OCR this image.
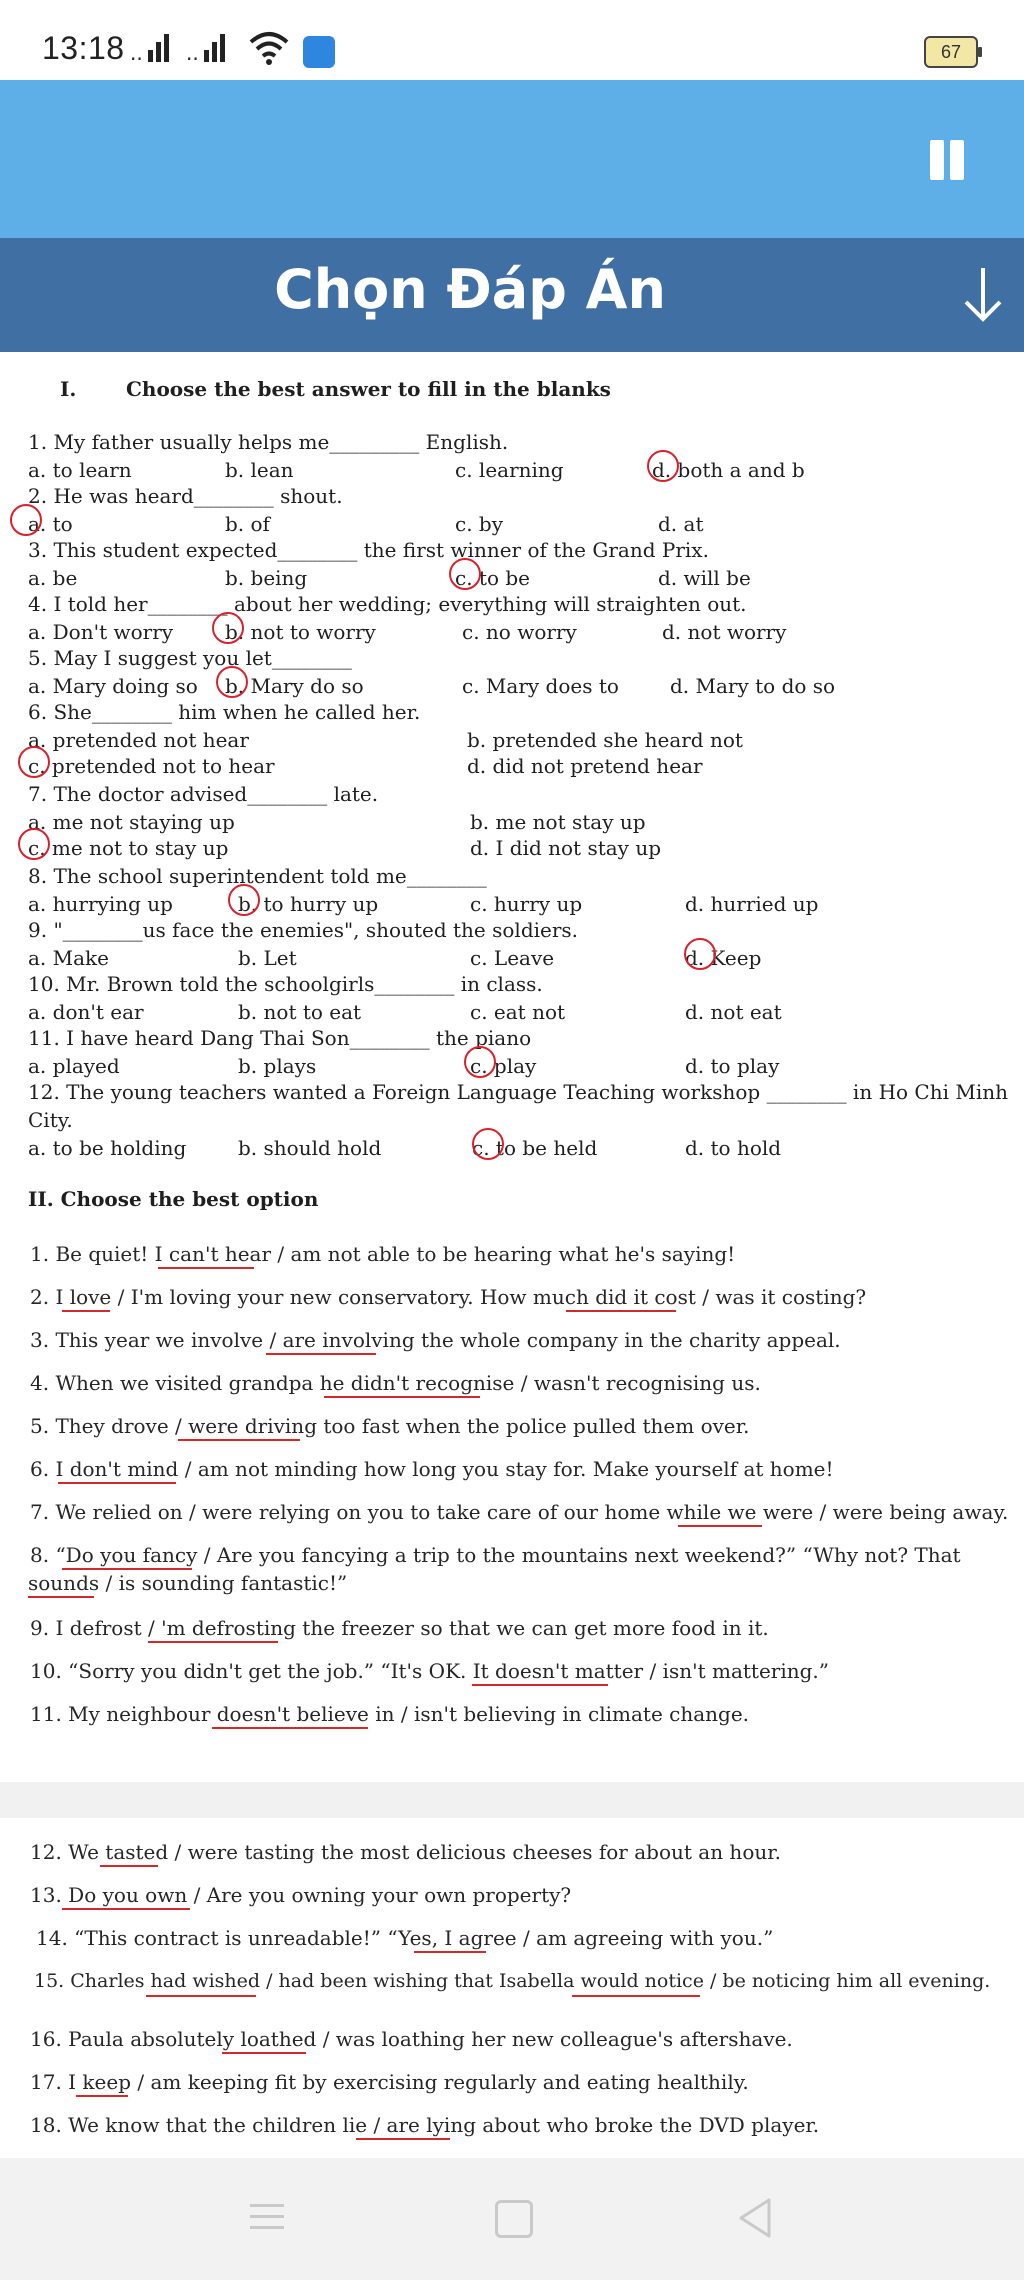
13:18 .. ..	67
Chọn Đáp Án
I. Choose the best answer to fill in the blanks
1. My father usually helps me_________ English.
a. to learn	b. lean	c. learning	d. both a and b
2. He was heard________ shout.
a. to	b. of	c. by	d. at
3. This student expected________ the first winner of the Grand Prix.
a. be	b. being	c. to be	d. will be
4. I told her________ about her wedding; everything will straighten out.
a. Don't worry	b. not to worry	c. no worry	d. not worry
5. May I suggest you let________
a. Mary doing so b. Mary do so	c. Mary does to	d. Mary to do so
6. She________ him when he called her.
a. pretended not hear	b. pretended she heard not
c. pretended not to hear	d. did not pretend hear
7. The doctor advised________ late.
a. me not staying up	b. me not stay up
c. me not to stay up	d. I did not stay up
8. The school superintendent told me________
a. hurrying up	b. to hurry up	c. hurry up	d. hurried up
9. "________us face the enemies", shouted the soldiers.
a. Make	b. Let	c. Leave	d. Keep
10. Mr. Brown told the schoolgirls________ in class.
a. don't ear	b. not to eat	c. eat not	d. not eat
11. I have heard Dang Thai Son________ the piano
a. played	b. plays	c. play	d. to play
12. The young teachers wanted a Foreign Language Teaching workshop ________ in Ho Chi Minh
City.
a. to be holding	b. should hold	c. to be held	d. to hold
II. Choose the best option
1. Be quiet! I can't hear / am not able to be hearing what he's saying!
2. I love / I'm loving your new conservatory. How much did it cost / was it costing?
3. This year we involve / are involving the whole company in the charity appeal.
4. When we visited grandpa he didn't recognise / wasn't recognising us.
5. They drove / were driving too fast when the police pulled them over.
6. I don't mind / am not minding how long you stay for. Make yourself at home!
7. We relied on / were relying on you to take care of our home while we were / were being away.
8. “Do you fancy / Are you fancying a trip to the mountains next weekend?” “Why not? That
sounds / is sounding fantastic!”
9. I defrost / 'm defrosting the freezer so that we can get more food in it.
10. “Sorry you didn't get the job.” “It's OK. It doesn't matter / isn't mattering.”
11. My neighbour doesn't believe in / isn't believing in climate change.
12. We tasted / were tasting the most delicious cheeses for about an hour.
13. Do you own / Are you owning your own property?
14. “This contract is unreadable!” “Yes, I agree / am agreeing with you.”
15. Charles had wished / had been wishing that Isabella would notice / be noticing him all evening.
16. Paula absolutely loathed / was loathing her new colleague's aftershave.
17. I keep / am keeping fit by exercising regularly and eating healthily.
18. We know that the children lie / are lying about who broke the DVD player.
